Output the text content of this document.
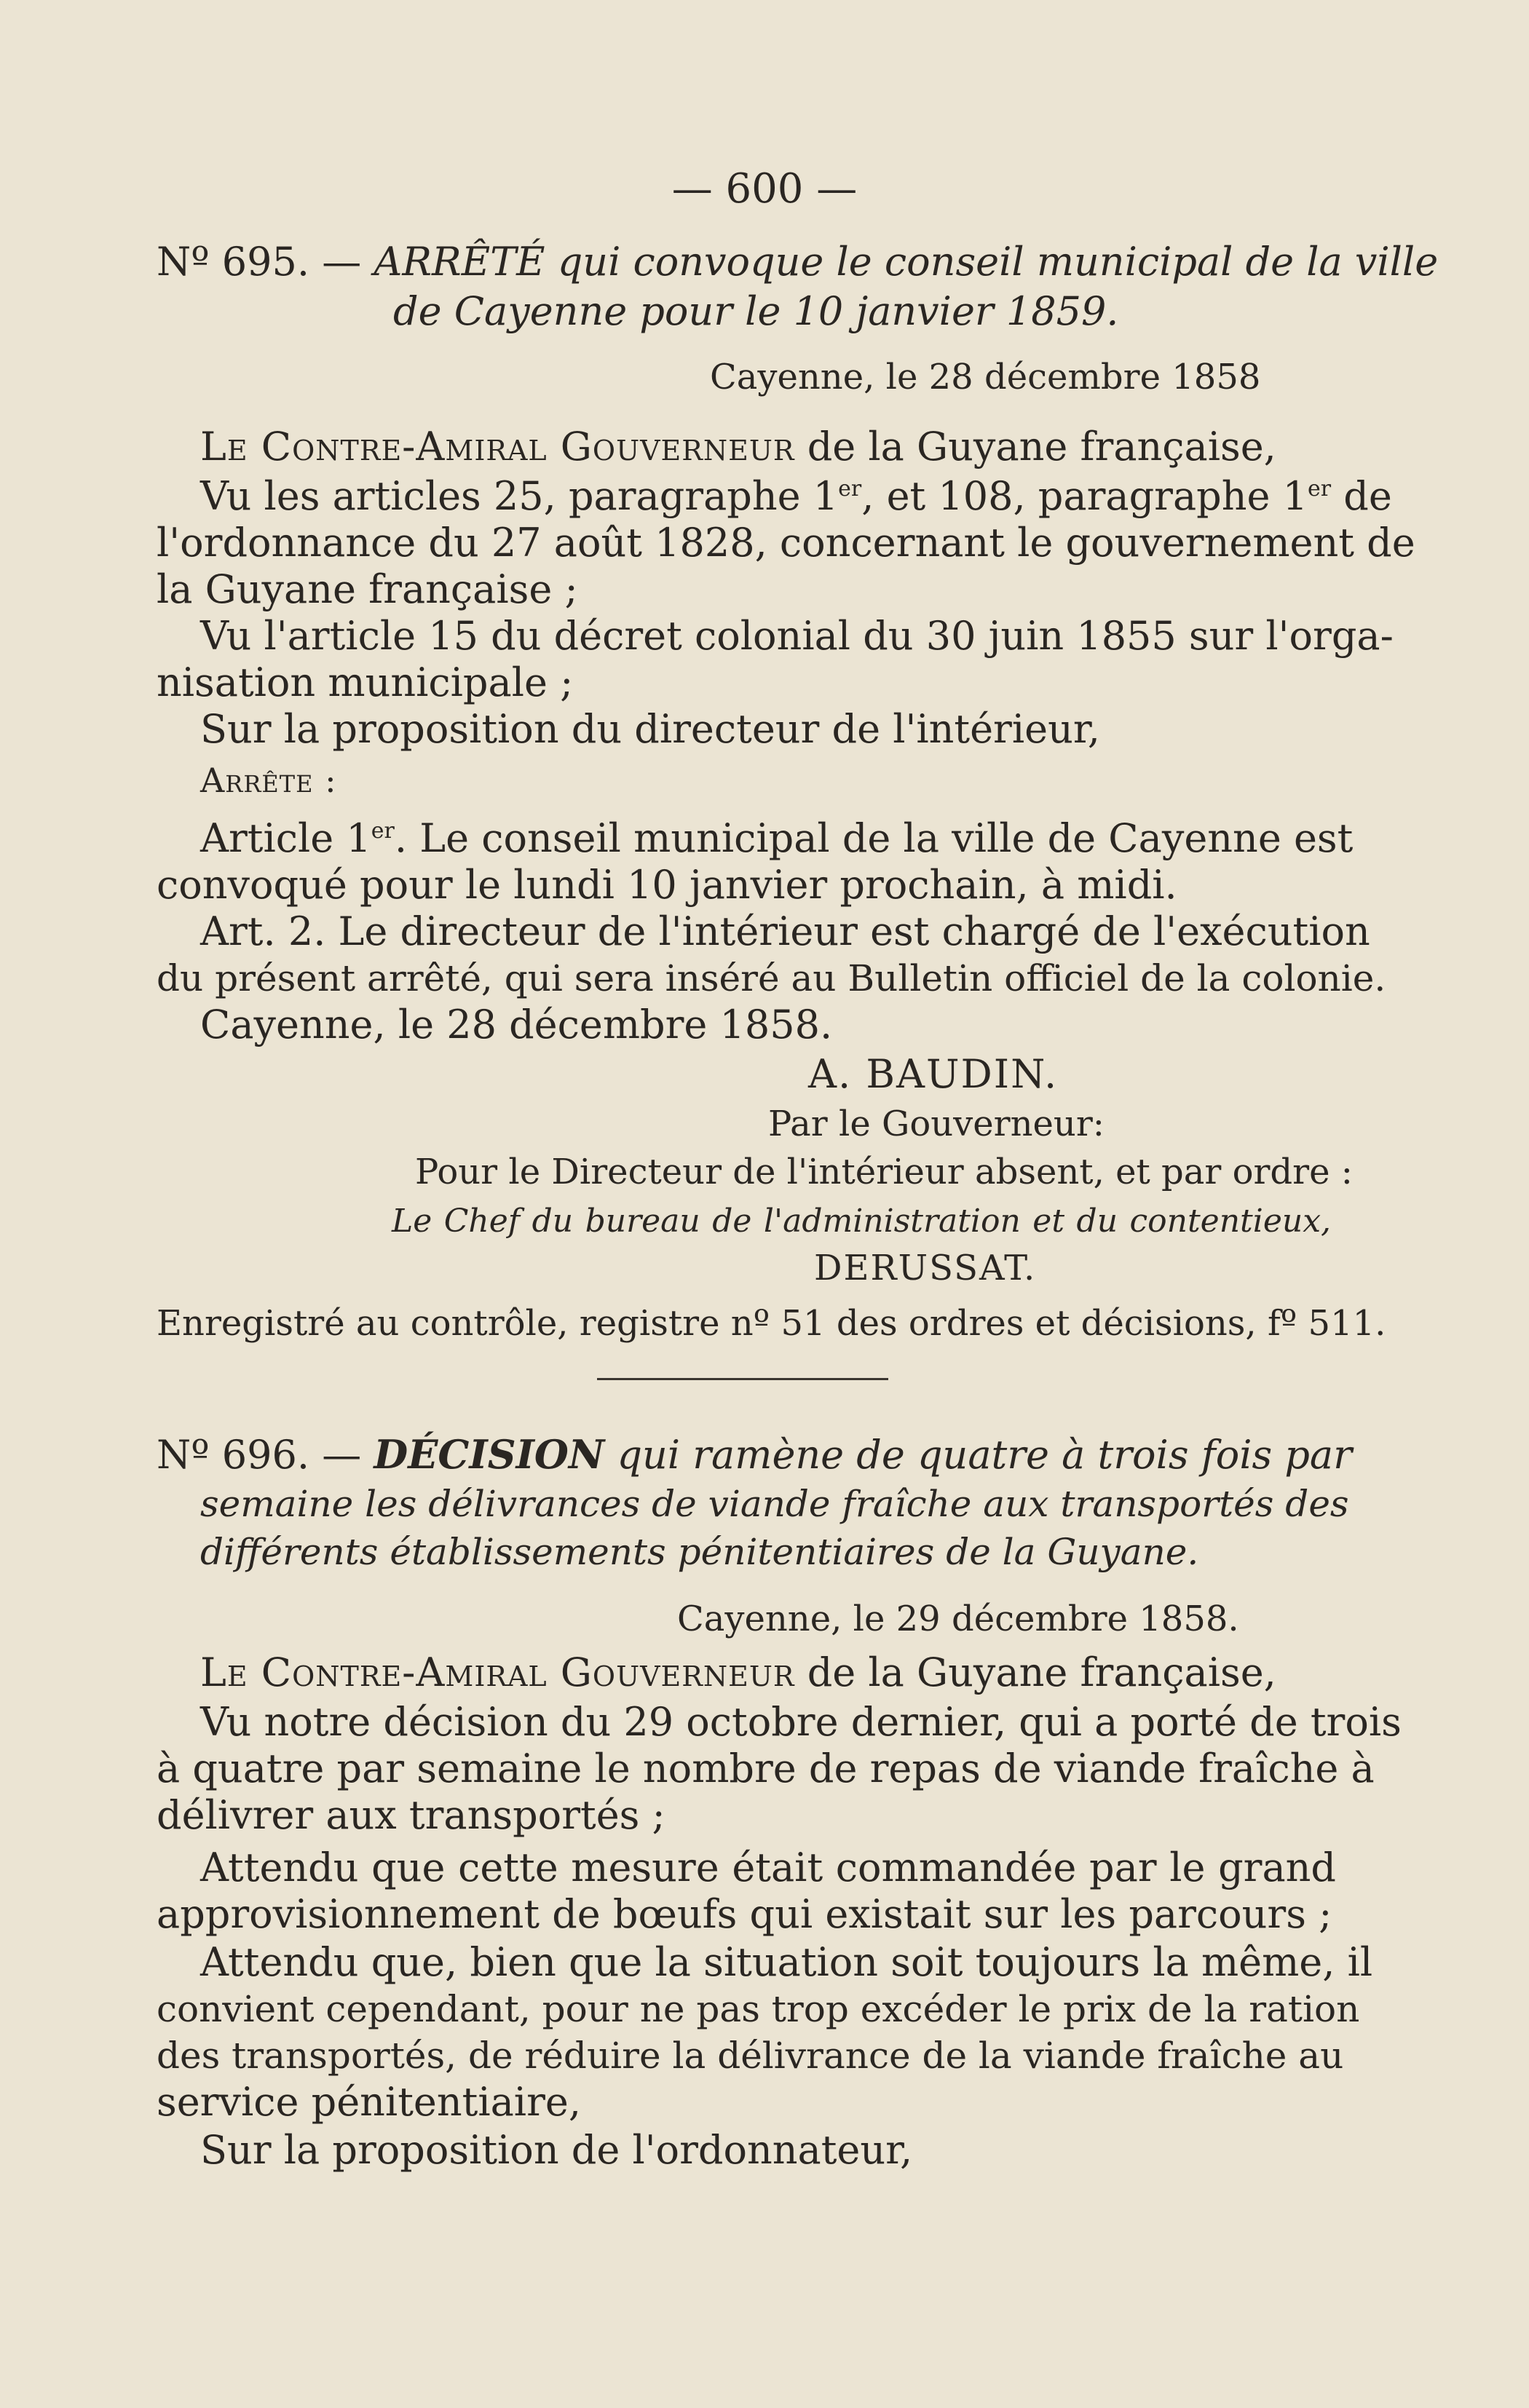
— 600 —
Nº 695. — ARRÊTÉ qui convoque le conseil municipal de la ville
de Cayenne pour le 10 janvier 1859.
Cayenne, le 28 décembre 1858
Le Contre-Amiral Gouverneur de la Guyane française,
Vu les articles 25, paragraphe 1er, et 108, paragraphe 1er de
l'ordonnance du 27 août 1828, concernant le gouvernement de
la Guyane française ;
Vu l'article 15 du décret colonial du 30 juin 1855 sur l'orga-
nisation municipale ;
Sur la proposition du directeur de l'intérieur,
Arrête :
Article 1er. Le conseil municipal de la ville de Cayenne est
convoqué pour le lundi 10 janvier prochain, à midi.
Art. 2. Le directeur de l'intérieur est chargé de l'exécution
du présent arrêté, qui sera inséré au Bulletin officiel de la colonie.
Cayenne, le 28 décembre 1858.
A. BAUDIN.
Par le Gouverneur:
Pour le Directeur de l'intérieur absent, et par ordre :
Le Chef du bureau de l'administration et du contentieux,
DERUSSAT.
Enregistré au contrôle, registre nº 51 des ordres et décisions, fº 511.
Nº 696. — DÉCISION qui ramène de quatre à trois fois par
semaine les délivrances de viande fraîche aux transportés des
différents établissements pénitentiaires de la Guyane.
Cayenne, le 29 décembre 1858.
Le Contre-Amiral Gouverneur de la Guyane française,
Vu notre décision du 29 octobre dernier, qui a porté de trois
à quatre par semaine le nombre de repas de viande fraîche à
délivrer aux transportés ;
Attendu que cette mesure était commandée par le grand
approvisionnement de bœufs qui existait sur les parcours ;
Attendu que, bien que la situation soit toujours la même, il
convient cependant, pour ne pas trop excéder le prix de la ration
des transportés, de réduire la délivrance de la viande fraîche au
service pénitentiaire,
Sur la proposition de l'ordonnateur,
